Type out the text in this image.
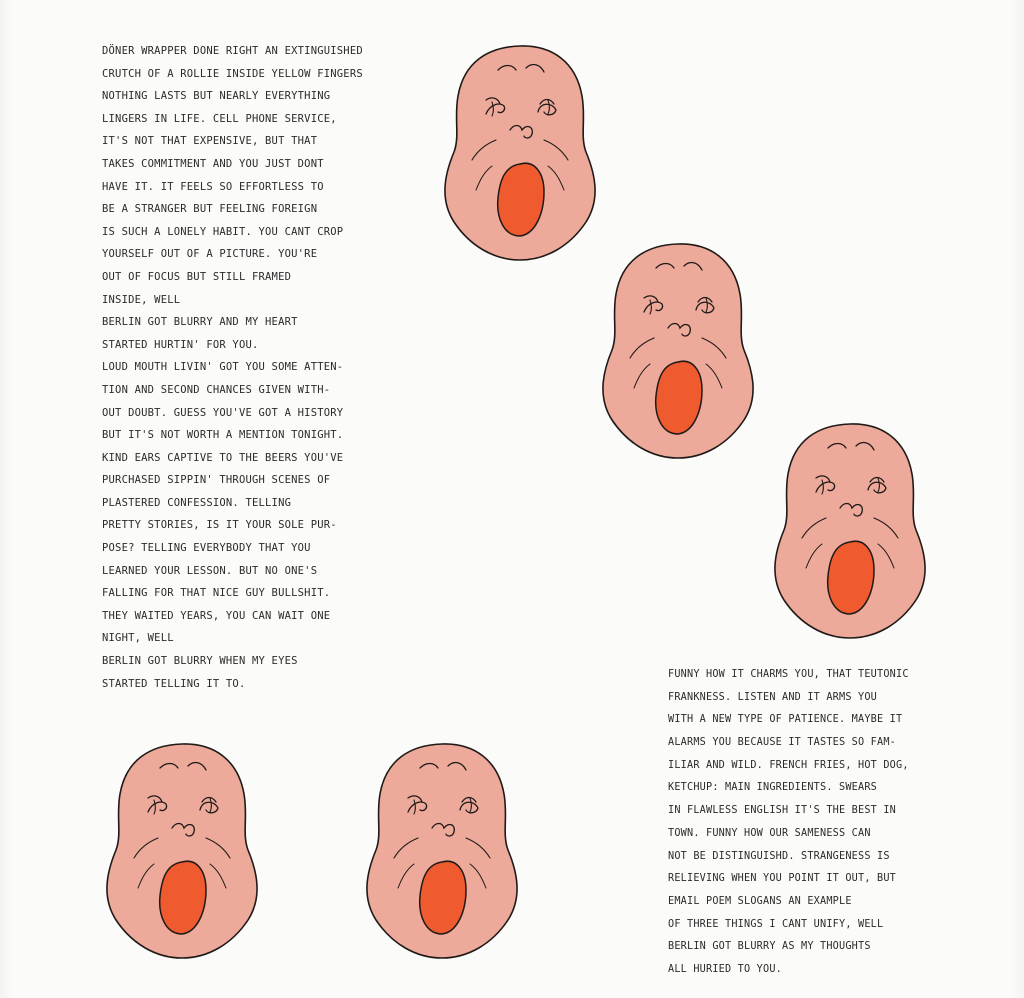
DÖNER WRAPPER DONE RIGHT AN EXTINGUISHED
CRUTCH OF A ROLLIE INSIDE YELLOW FINGERS
NOTHING LASTS BUT NEARLY EVERYTHING
LINGERS IN LIFE. CELL PHONE SERVICE,
IT'S NOT THAT EXPENSIVE, BUT THAT
TAKES COMMITMENT AND YOU JUST DONT
HAVE IT. IT FEELS SO EFFORTLESS TO
BE A STRANGER BUT FEELING FOREIGN
IS SUCH A LONELY HABIT. YOU CANT CROP
YOURSELF OUT OF A PICTURE. YOU'RE
OUT OF FOCUS BUT STILL FRAMED
INSIDE, WELL
BERLIN GOT BLURRY AND MY HEART
STARTED HURTIN' FOR YOU.
LOUD MOUTH LIVIN' GOT YOU SOME ATTEN-
TION AND SECOND CHANCES GIVEN WITH-
OUT DOUBT. GUESS YOU'VE GOT A HISTORY
BUT IT'S NOT WORTH A MENTION TONIGHT.
KIND EARS CAPTIVE TO THE BEERS YOU'VE
PURCHASED SIPPIN' THROUGH SCENES OF
PLASTERED CONFESSION. TELLING
PRETTY STORIES, IS IT YOUR SOLE PUR-
POSE? TELLING EVERYBODY THAT YOU
LEARNED YOUR LESSON. BUT NO ONE'S
FALLING FOR THAT NICE GUY BULLSHIT.
THEY WAITED YEARS, YOU CAN WAIT ONE
NIGHT, WELL
BERLIN GOT BLURRY WHEN MY EYES
STARTED TELLING IT TO.
FUNNY HOW IT CHARMS YOU, THAT TEUTONIC
FRANKNESS. LISTEN AND IT ARMS YOU
WITH A NEW TYPE OF PATIENCE. MAYBE IT
ALARMS YOU BECAUSE IT TASTES SO FAM-
ILIAR AND WILD. FRENCH FRIES, HOT DOG,
KETCHUP: MAIN INGREDIENTS. SWEARS
IN FLAWLESS ENGLISH IT'S THE BEST IN
TOWN. FUNNY HOW OUR SAMENESS CAN
NOT BE DISTINGUISHD. STRANGENESS IS
RELIEVING WHEN YOU POINT IT OUT, BUT
EMAIL POEM SLOGANS AN EXAMPLE
OF THREE THINGS I CANT UNIFY, WELL
BERLIN GOT BLURRY AS MY THOUGHTS
ALL HURIED TO YOU.
